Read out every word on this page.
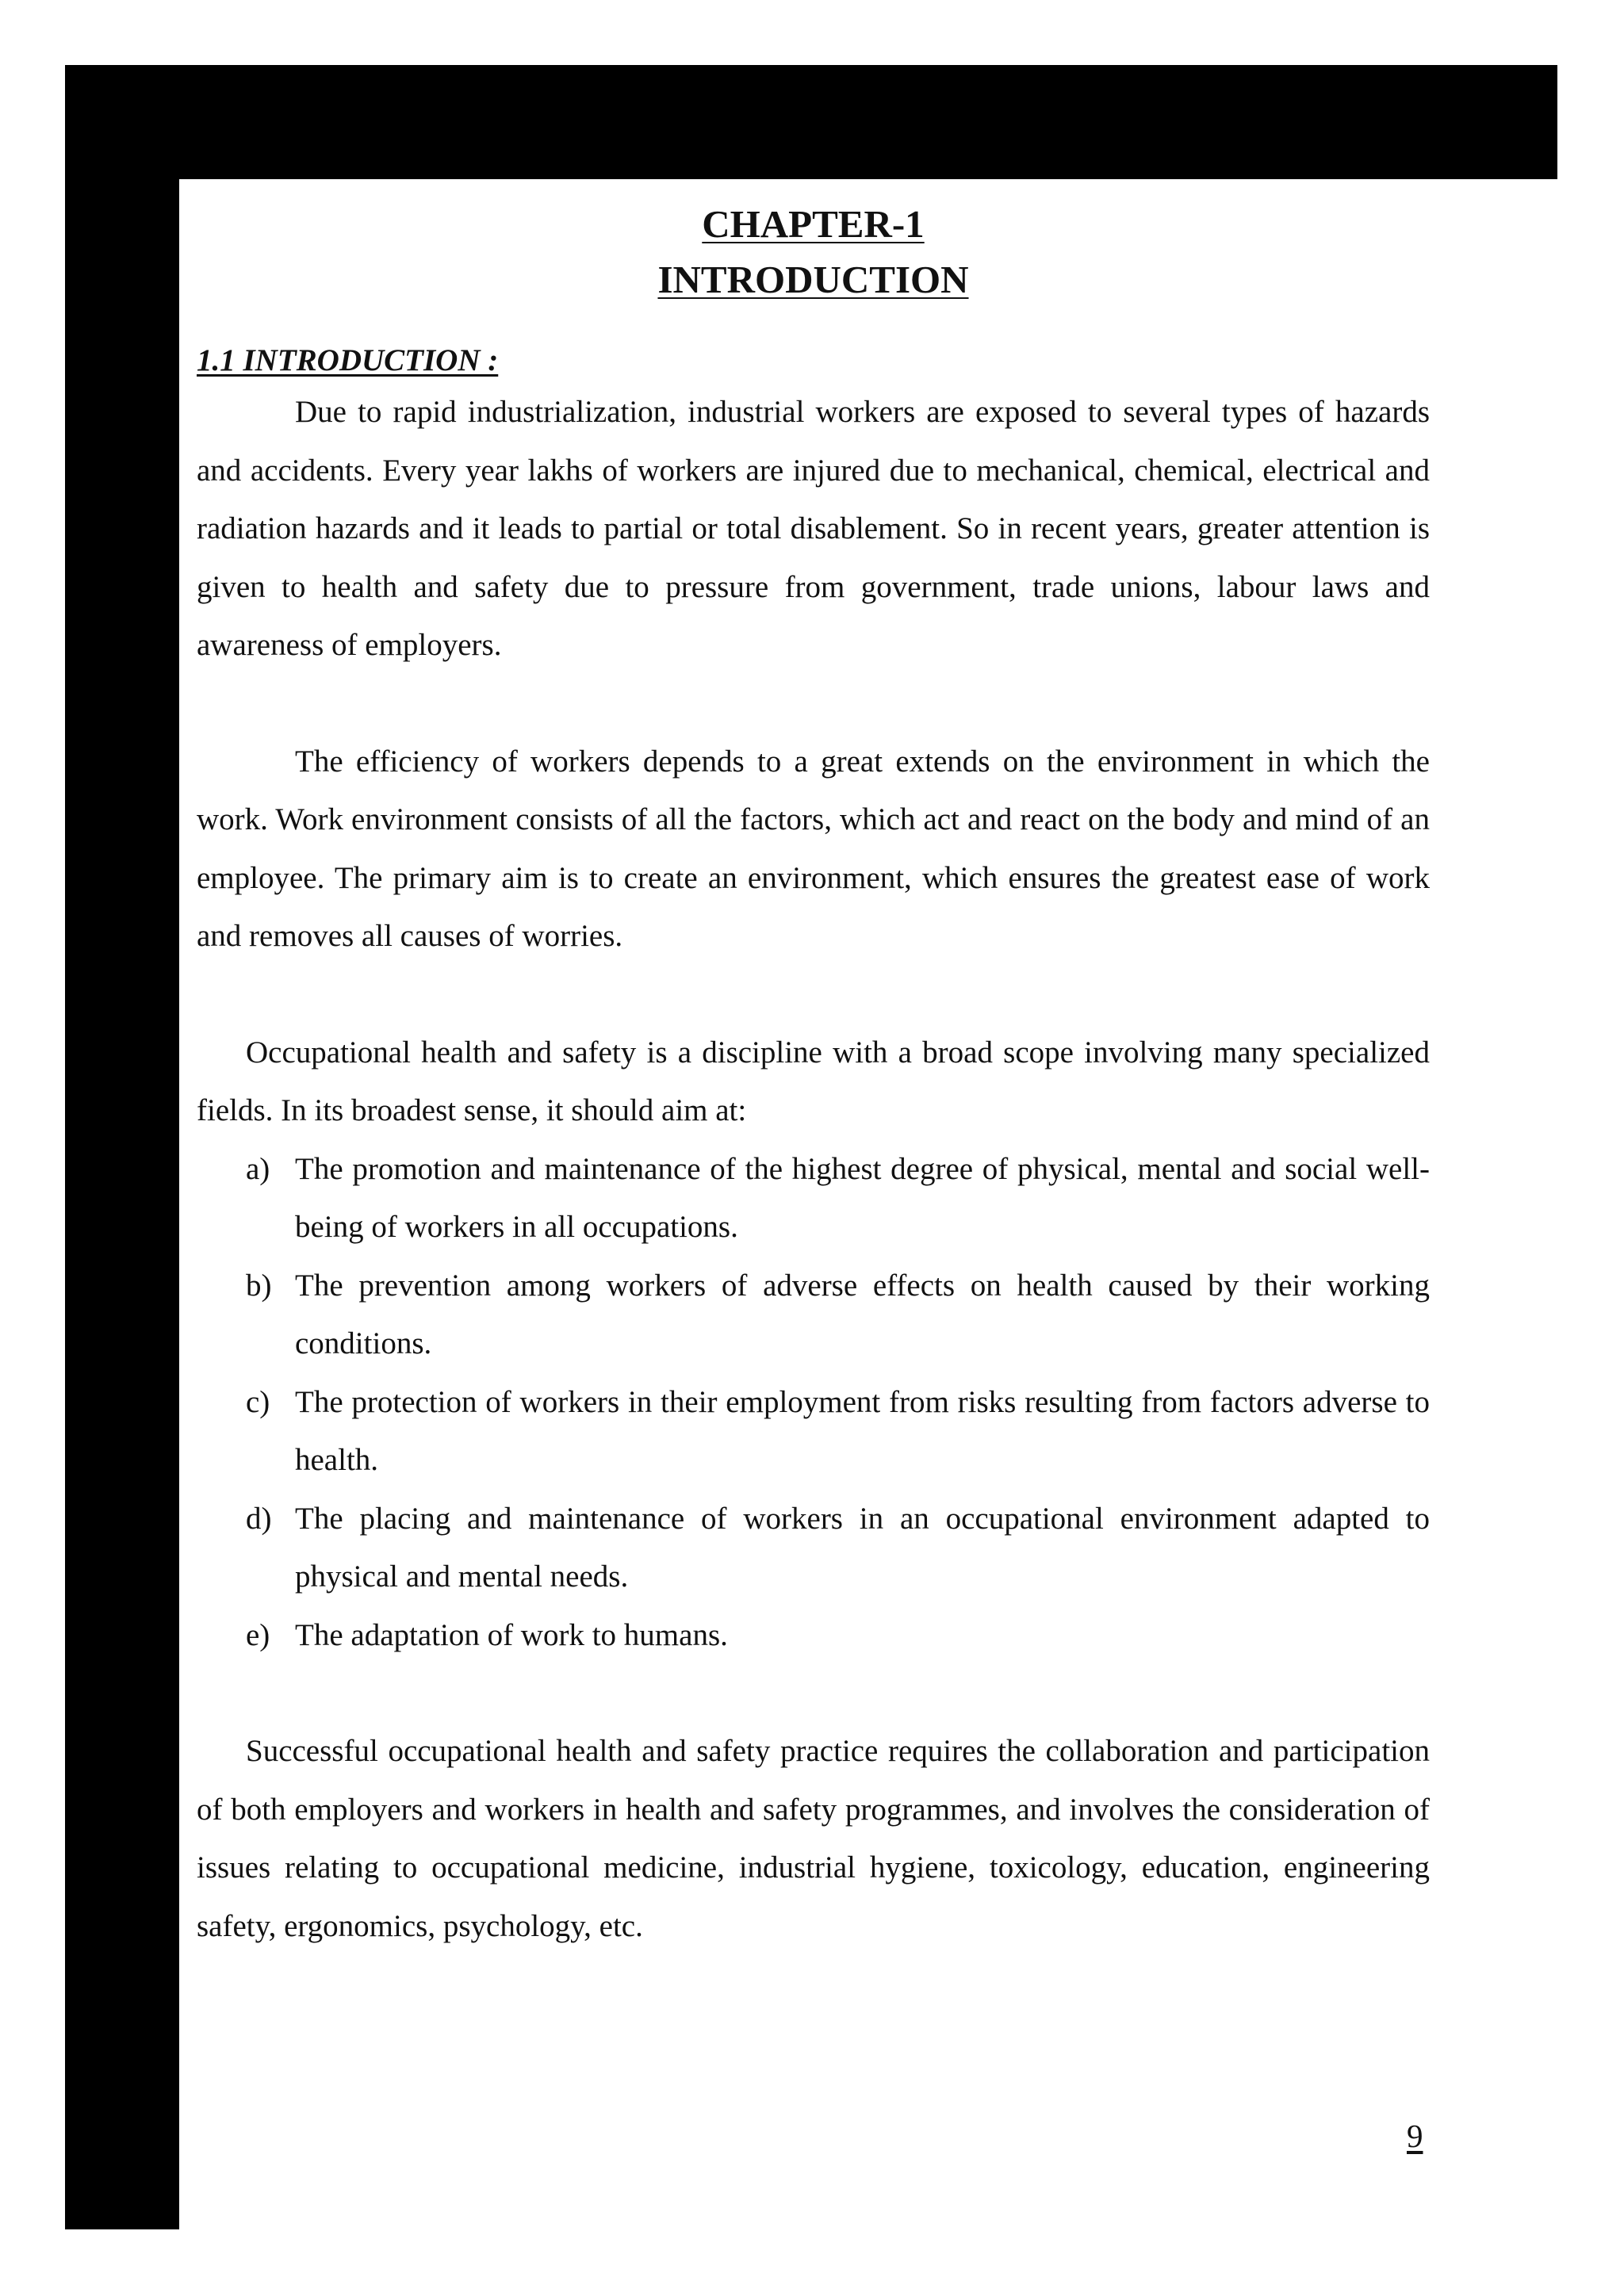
CHAPTER-1
INTRODUCTION
1.1 INTRODUCTION :

Due to rapid industrialization, industrial workers are exposed to several types of hazards and accidents. Every year lakhs of workers are injured due to mechanical, chemical, electrical and radiation hazards and it leads to partial or total disablement. So in recent years, greater attention is given to health and safety due to pressure from government, trade unions, labour laws and awareness of employers.

The efficiency of workers depends to a great extends on the environment in which the work. Work environment consists of all the factors, which act and react on the body and mind of an employee. The primary aim is to create an environment, which ensures the greatest ease of work and removes all causes of worries.

Occupational health and safety is a discipline with a broad scope involving many specialized fields. In its broadest sense, it should aim at:

a) The promotion and maintenance of the highest degree of physical, mental and social well-being of workers in all occupations.
b) The prevention among workers of adverse effects on health caused by their working conditions.
c) The protection of workers in their employment from risks resulting from factors adverse to health.
d) The placing and maintenance of workers in an occupational environment adapted to physical and mental needs.
e) The adaptation of work to humans.

Successful occupational health and safety practice requires the collaboration and participation of both employers and workers in health and safety programmes, and involves the consideration of issues relating to occupational medicine, industrial hygiene, toxicology, education, engineering safety, ergonomics, psychology, etc.

9
